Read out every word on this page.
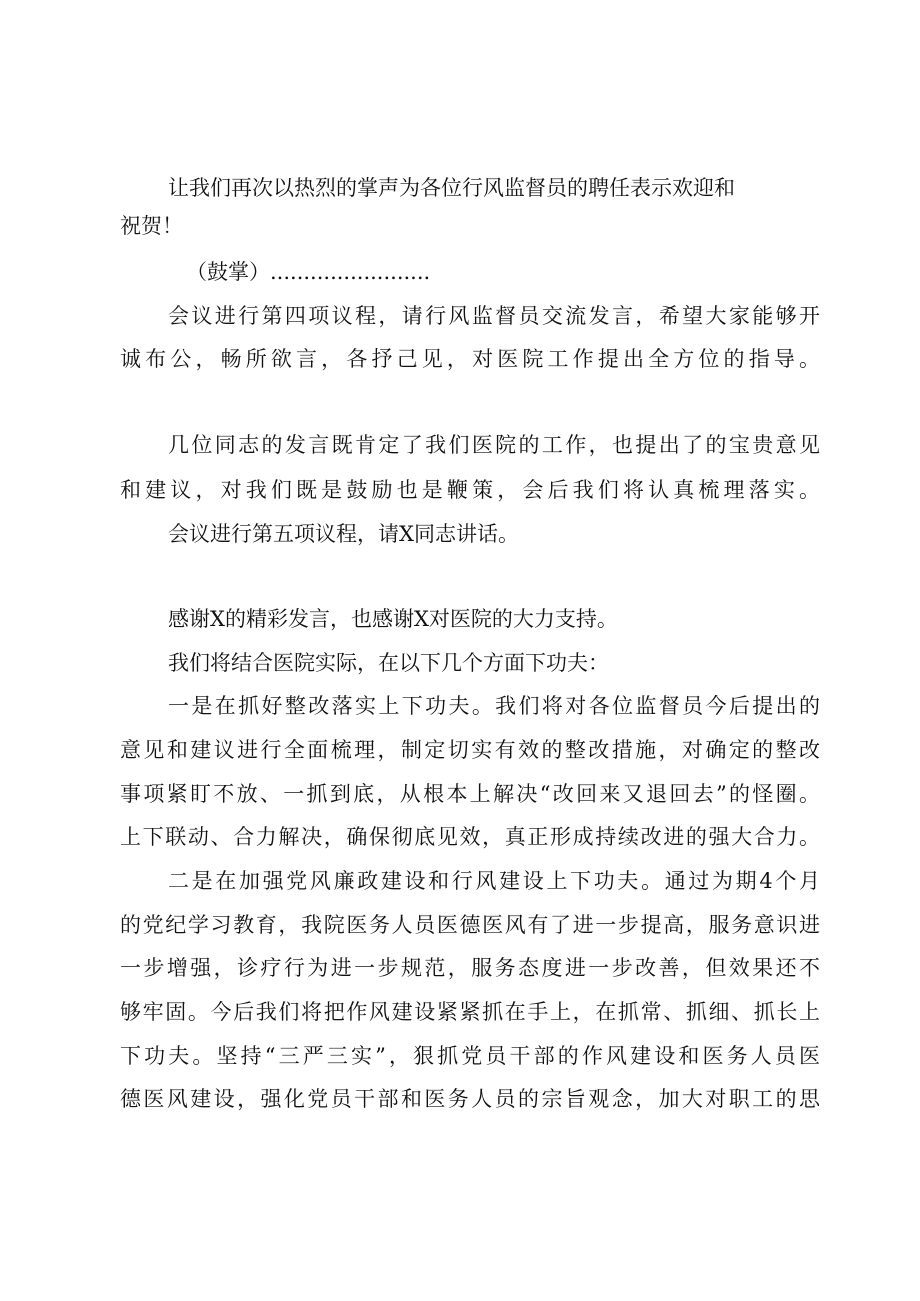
让我们再次以热烈的掌声为各位行风监督员的聘任表示欢迎和
祝贺！
（鼓掌）........................
会议进行第四项议程，请行风监督员交流发言，希望大家能够开
诚布公，畅所欲言，各抒己见，对医院工作提出全方位的指导。
几位同志的发言既肯定了我们医院的工作，也提出了的宝贵意见
和建议，对我们既是鼓励也是鞭策，会后我们将认真梳理落实。
会议进行第五项议程，请X同志讲话。
感谢X的精彩发言，也感谢X对医院的大力支持。
我们将结合医院实际，在以下几个方面下功夫：
一是在抓好整改落实上下功夫。我们将对各位监督员今后提出的
意见和建议进行全面梳理，制定切实有效的整改措施，对确定的整改
事项紧盯不放、一抓到底，从根本上解决“改回来又退回去”的怪圈。
上下联动、合力解决，确保彻底见效，真正形成持续改进的强大合力。
二是在加强党风廉政建设和行风建设上下功夫。通过为期4个月
的党纪学习教育，我院医务人员医德医风有了进一步提高，服务意识进
一步增强，诊疗行为进一步规范，服务态度进一步改善，但效果还不
够牢固。今后我们将把作风建设紧紧抓在手上，在抓常、抓细、抓长上
下功夫。坚持“三严三实”，狠抓党员干部的作风建设和医务人员医
德医风建设，强化党员干部和医务人员的宗旨观念，加大对职工的思
